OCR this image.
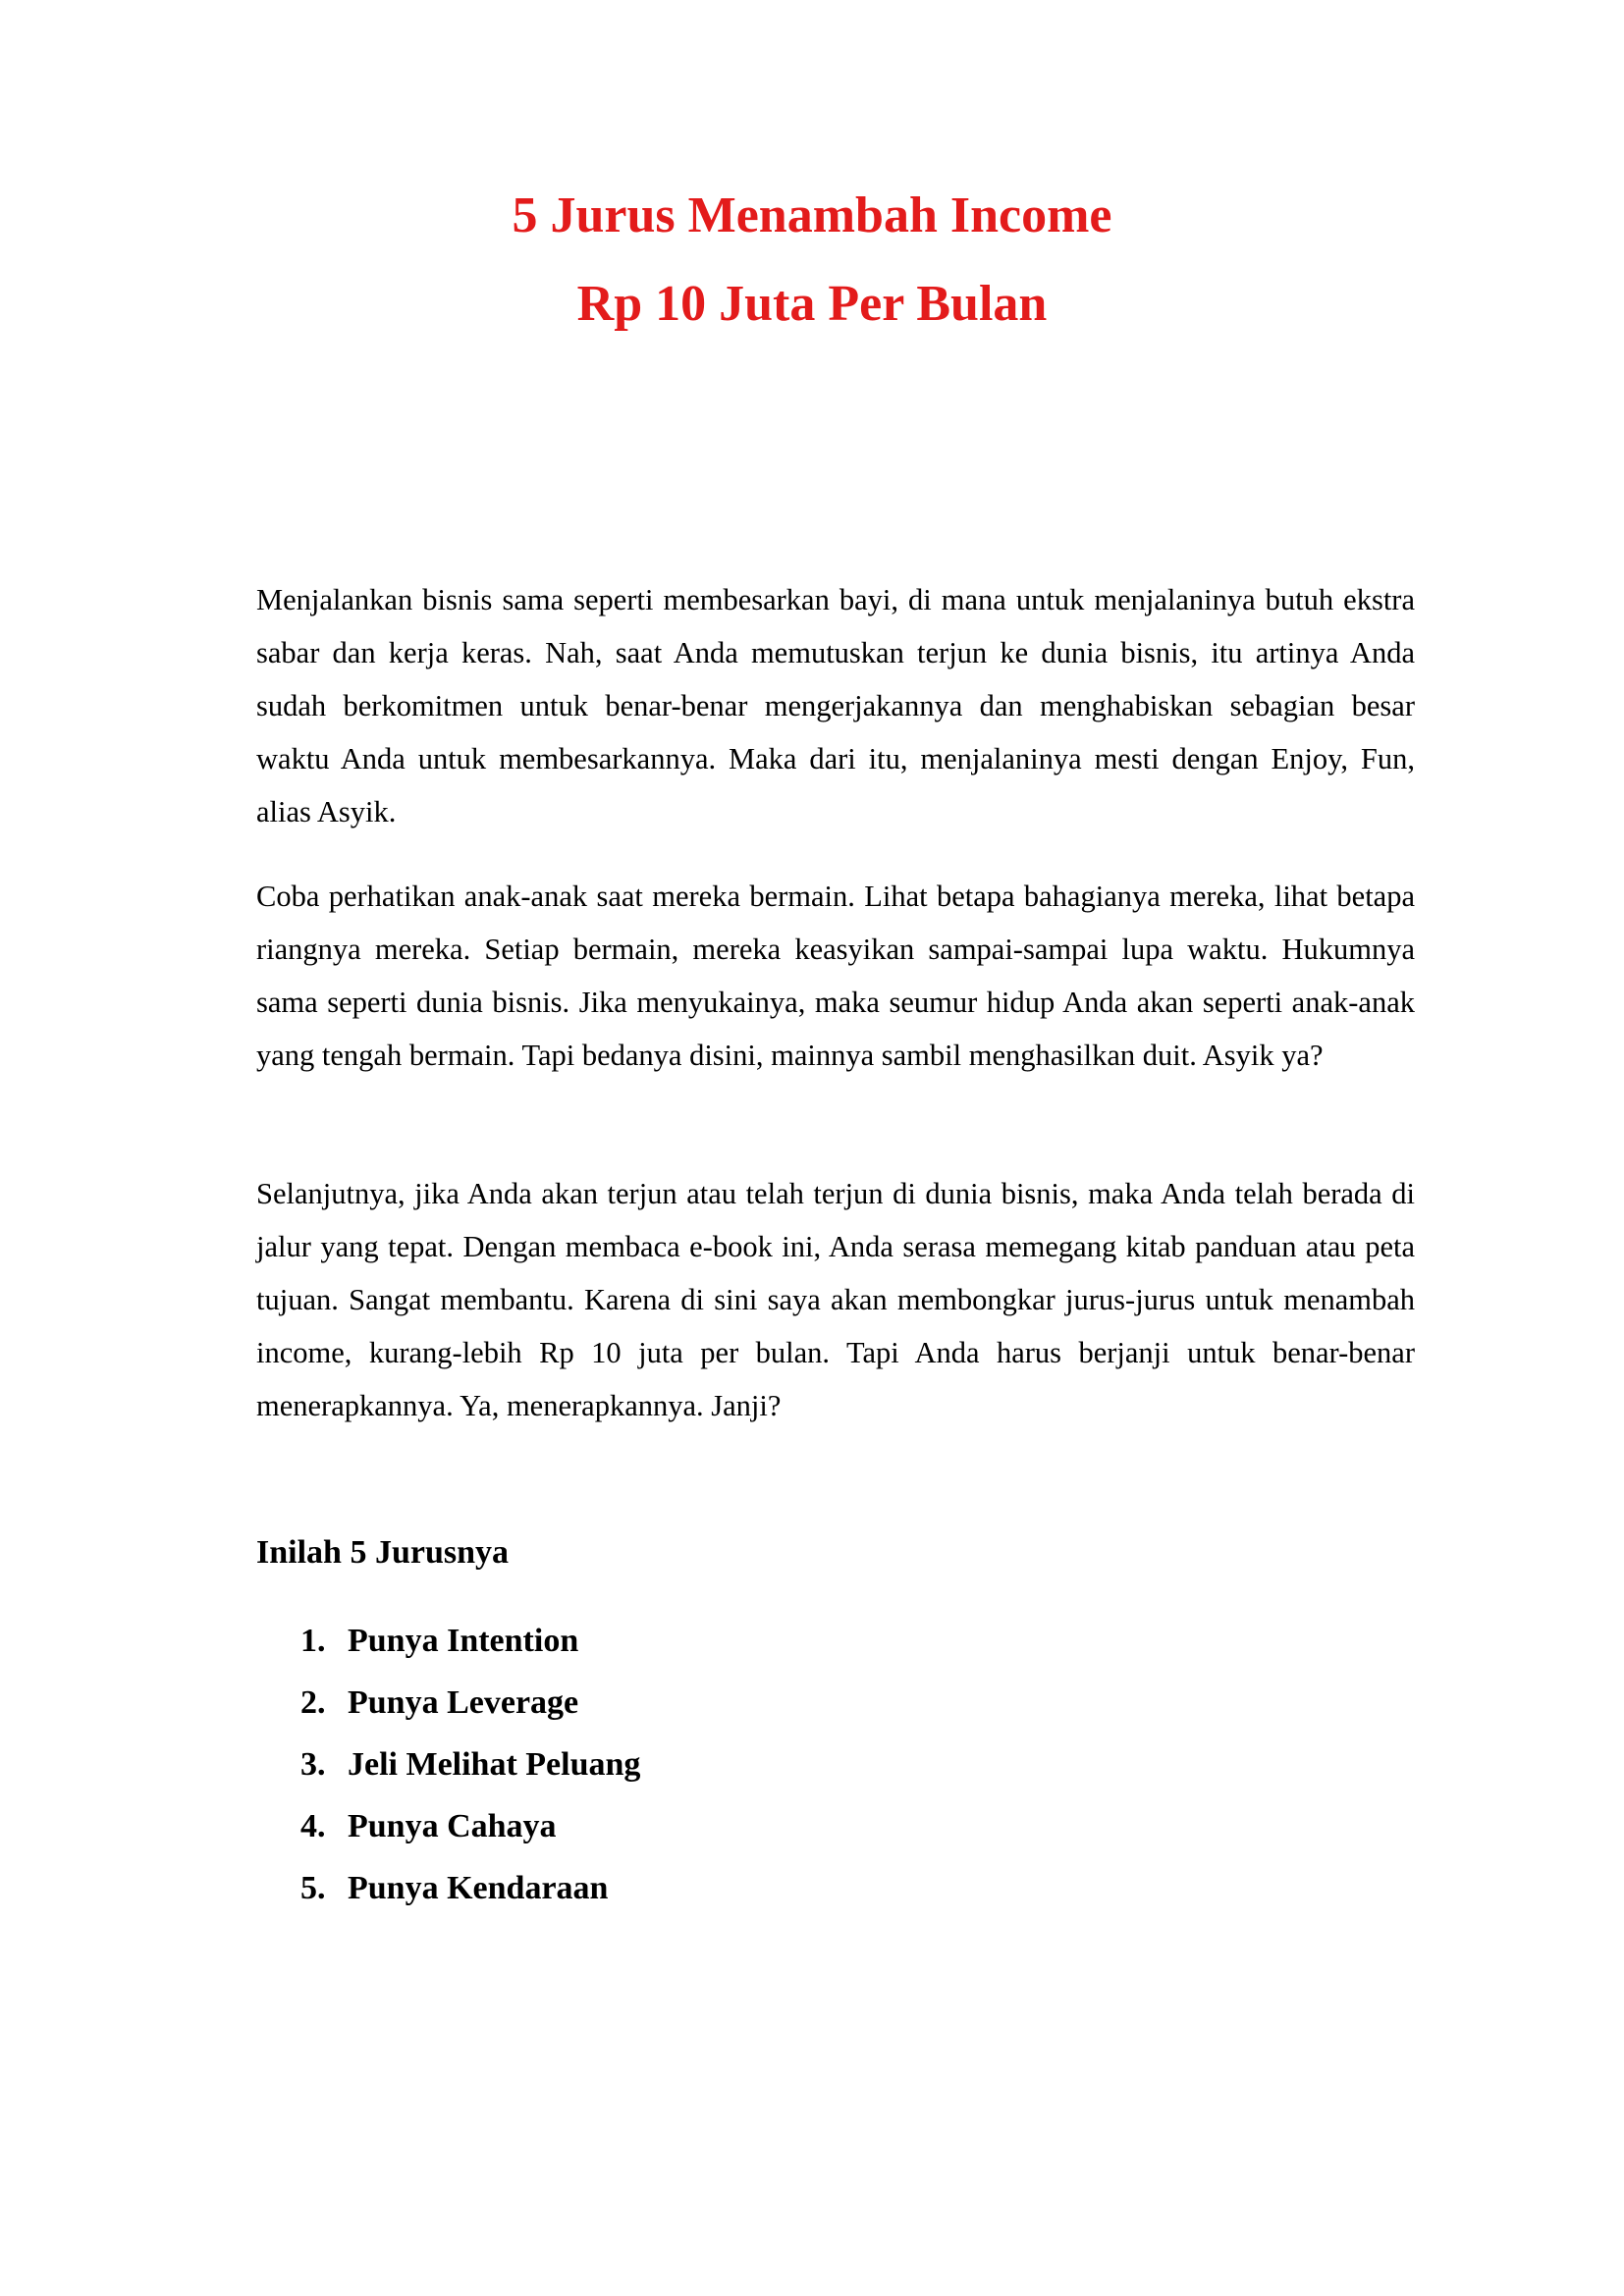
5 Jurus Menambah Income
Rp 10 Juta Per Bulan

Menjalankan bisnis sama seperti membesarkan bayi, di mana untuk menjalaninya butuh ekstra sabar dan kerja keras. Nah, saat Anda memutuskan terjun ke dunia bisnis, itu artinya Anda sudah berkomitmen untuk benar-benar mengerjakannya dan menghabiskan sebagian besar waktu Anda untuk membesarkannya. Maka dari itu, menjalaninya mesti dengan Enjoy, Fun, alias Asyik.

Coba perhatikan anak-anak saat mereka bermain. Lihat betapa bahagianya mereka, lihat betapa riangnya mereka. Setiap bermain, mereka keasyikan sampai-sampai lupa waktu. Hukumnya sama seperti dunia bisnis. Jika menyukainya, maka seumur hidup Anda akan seperti anak-anak yang tengah bermain. Tapi bedanya disini, mainnya sambil menghasilkan duit. Asyik ya?

Selanjutnya, jika Anda akan terjun atau telah terjun di dunia bisnis, maka Anda telah berada di jalur yang tepat. Dengan membaca e-book ini, Anda serasa memegang kitab panduan atau peta tujuan. Sangat membantu. Karena di sini saya akan membongkar jurus-jurus untuk menambah income, kurang-lebih Rp 10 juta per bulan. Tapi Anda harus berjanji untuk benar-benar menerapkannya. Ya, menerapkannya. Janji?

Inilah 5 Jurusnya
1. Punya Intention
2. Punya Leverage
3. Jeli Melihat Peluang
4. Punya Cahaya
5. Punya Kendaraan
